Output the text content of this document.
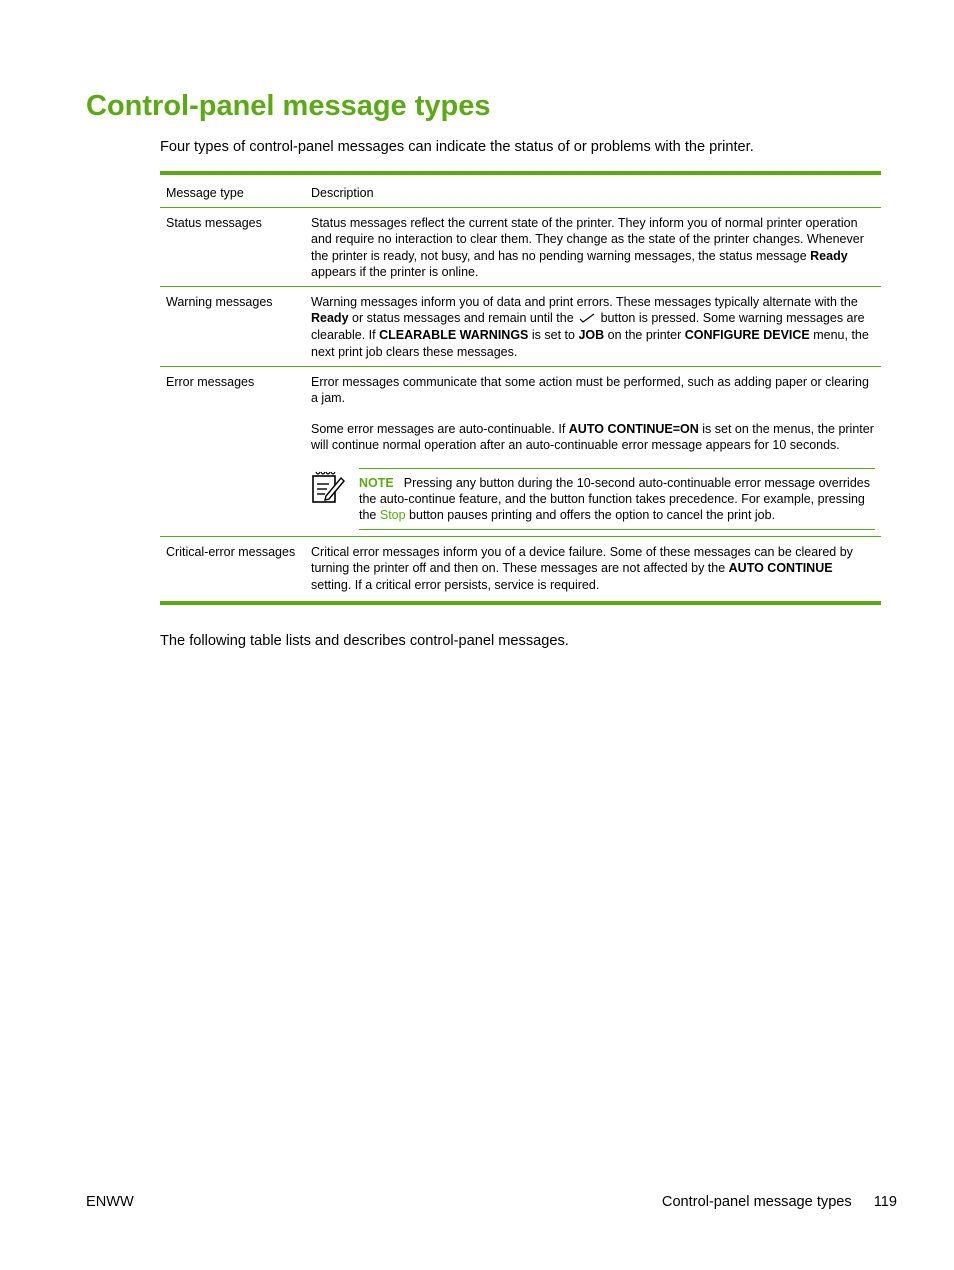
Control-panel message types

Four types of control-panel messages can indicate the status of or problems with the printer.

Message type	Description
Status messages	Status messages reflect the current state of the printer. They inform you of normal printer operation and require no interaction to clear them. They change as the state of the printer changes. Whenever the printer is ready, not busy, and has no pending warning messages, the status message Ready appears if the printer is online.
Warning messages	Warning messages inform you of data and print errors. These messages typically alternate with the Ready or status messages and remain until the  button is pressed. Some warning messages are clearable. If CLEARABLE WARNINGS is set to JOB on the printer CONFIGURE DEVICE menu, the next print job clears these messages.
Error messages	Error messages communicate that some action must be performed, such as adding paper or clearing a jam.

Some error messages are auto-continuable. If AUTO CONTINUE=ON is set on the menus, the printer will continue normal operation after an auto-continuable error message appears for 10 seconds.

NOTE Pressing any button during the 10-second auto-continuable error message overrides the auto-continue feature, and the button function takes precedence. For example, pressing the Stop button pauses printing and offers the option to cancel the print job.

Critical-error messages	Critical error messages inform you of a device failure. Some of these messages can be cleared by turning the printer off and then on. These messages are not affected by the AUTO CONTINUE setting. If a critical error persists, service is required.

The following table lists and describes control-panel messages.

ENWW	Control-panel message types 119
